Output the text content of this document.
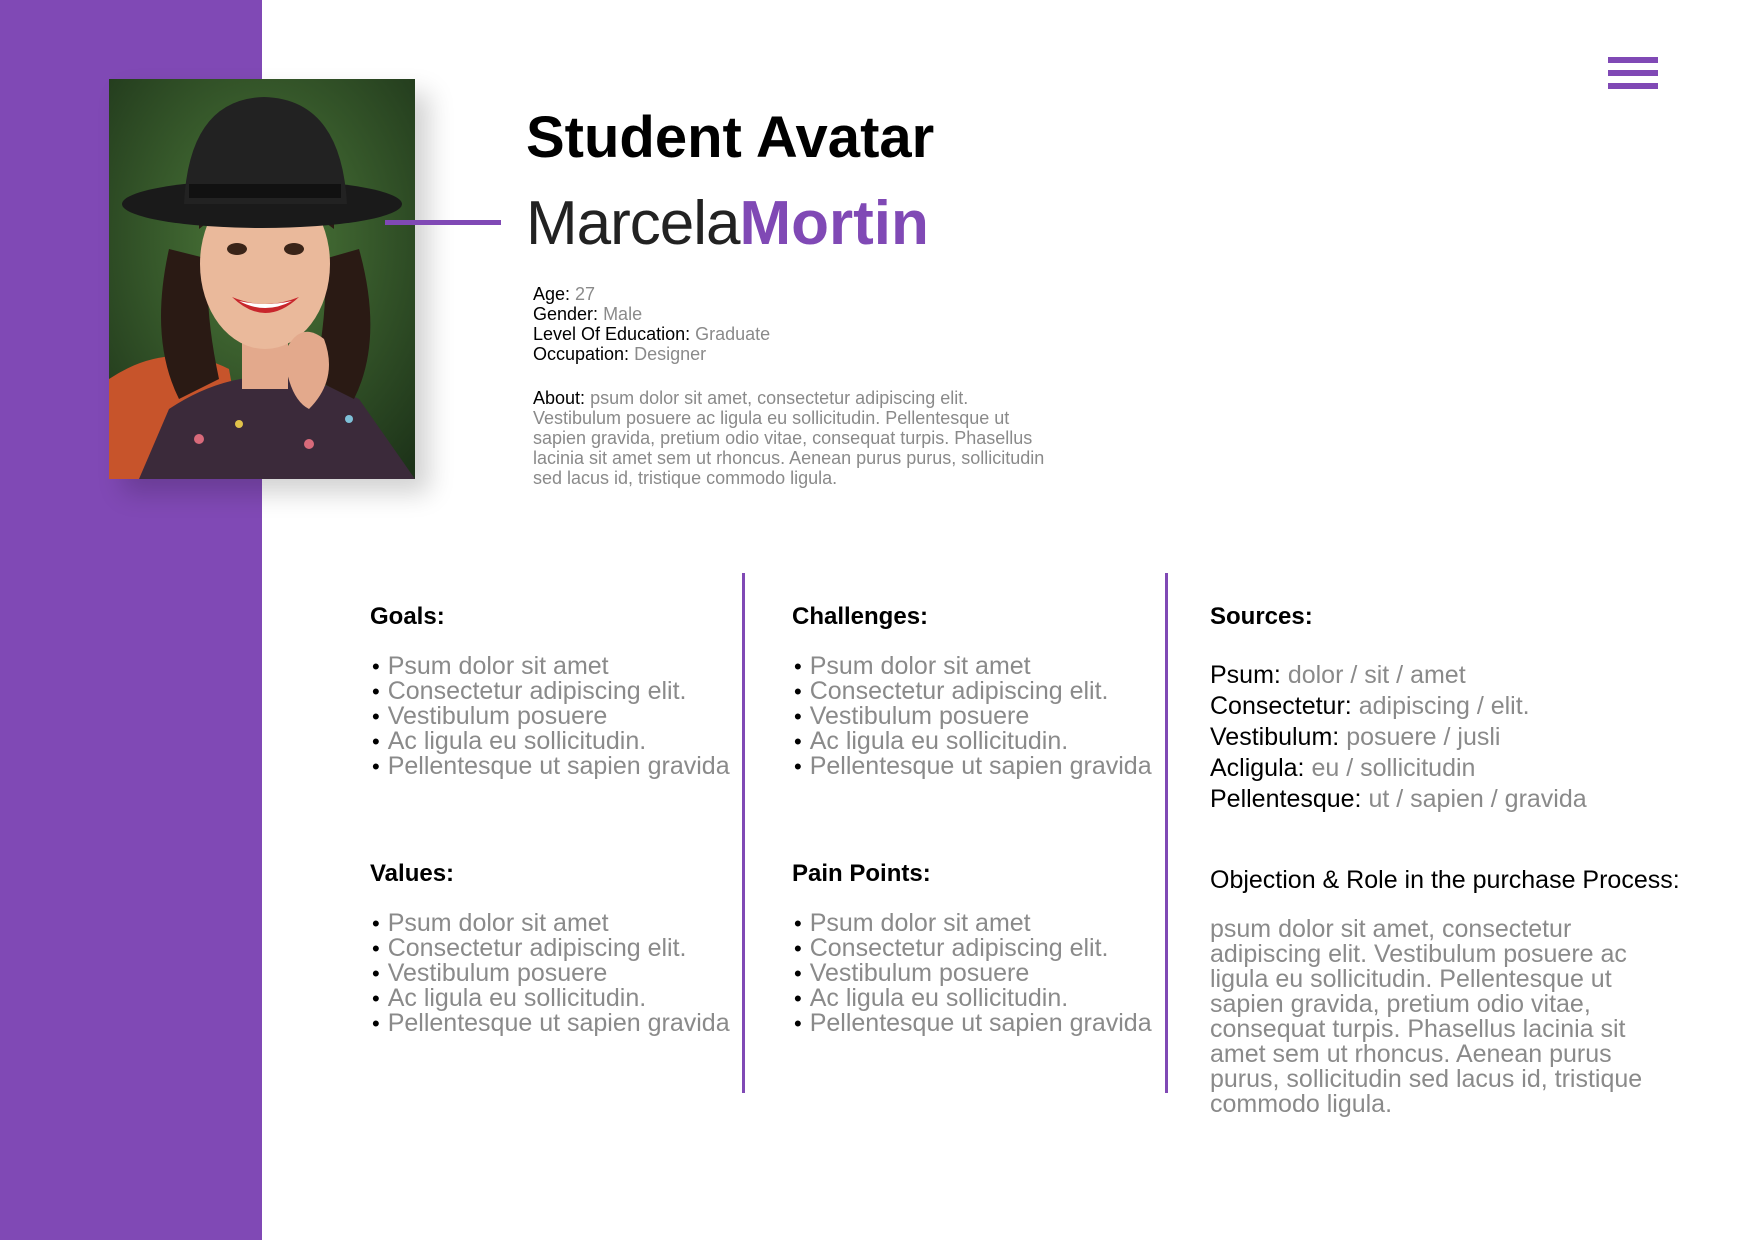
Student Avatar
MarcelaMortin
Age: 27
Gender: Male
Level Of Education: Graduate
Occupation: Designer
About: psum dolor sit amet, consectetur adipiscing elit. Vestibulum posuere ac ligula eu sollicitudin. Pellentesque ut sapien gravida, pretium odio vitae, consequat turpis. Phasellus lacinia sit amet sem ut rhoncus. Aenean purus purus, sollicitudin sed lacus id, tristique commodo ligula.
Goals:
• Psum dolor sit amet
• Consectetur adipiscing elit.
• Vestibulum posuere
• Ac ligula eu sollicitudin.
• Pellentesque ut sapien gravida
Values:
• Psum dolor sit amet
• Consectetur adipiscing elit.
• Vestibulum posuere
• Ac ligula eu sollicitudin.
• Pellentesque ut sapien gravida
Challenges:
• Psum dolor sit amet
• Consectetur adipiscing elit.
• Vestibulum posuere
• Ac ligula eu sollicitudin.
• Pellentesque ut sapien gravida
Pain Points:
• Psum dolor sit amet
• Consectetur adipiscing elit.
• Vestibulum posuere
• Ac ligula eu sollicitudin.
• Pellentesque ut sapien gravida
Sources:
Psum: dolor / sit / amet
Consectetur: adipiscing / elit.
Vestibulum: posuere / jusli
Acligula: eu / sollicitudin
Pellentesque: ut / sapien / gravida
Objection & Role in the purchase Process:
psum dolor sit amet, consectetur adipiscing elit. Vestibulum posuere ac ligula eu sollicitudin. Pellentesque ut sapien gravida, pretium odio vitae, consequat turpis. Phasellus lacinia sit amet sem ut rhoncus. Aenean purus purus, sollicitudin sed lacus id, tristique commodo ligula.
